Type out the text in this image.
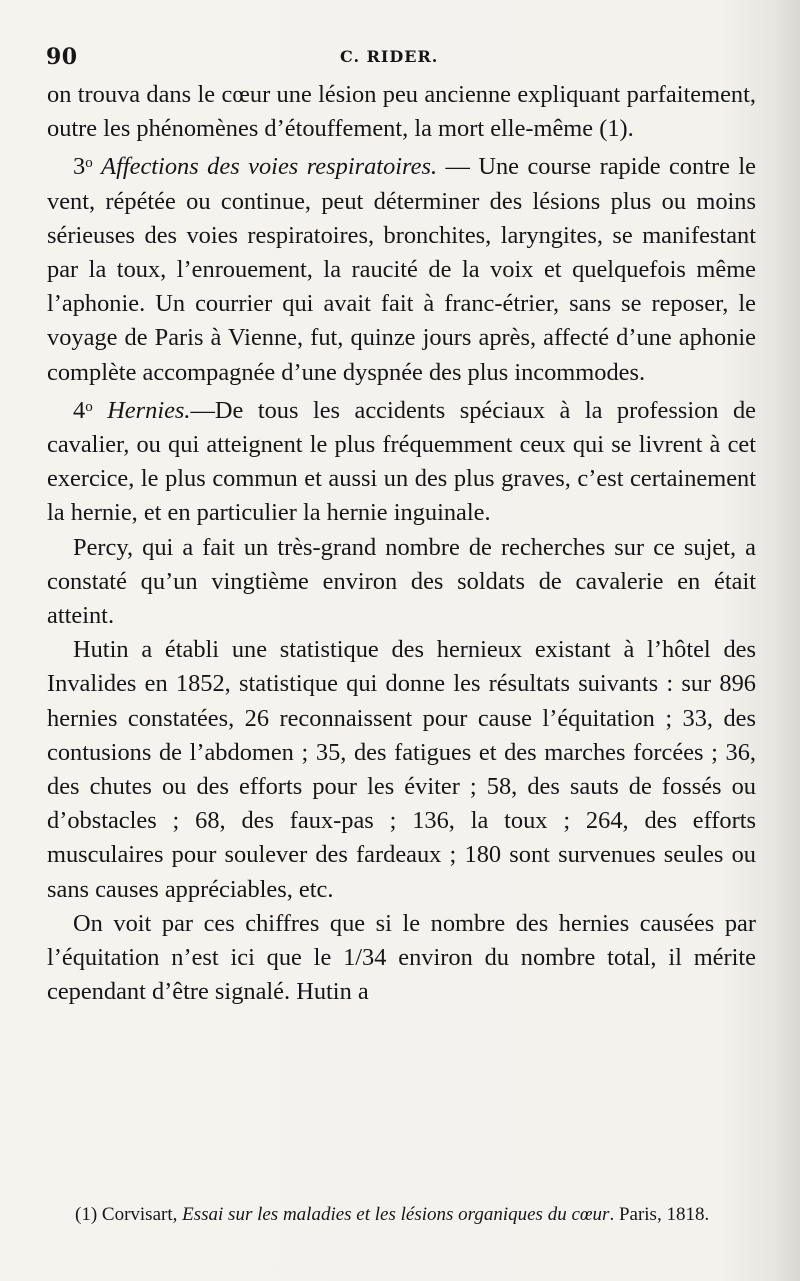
90	C. RIDER.

on trouva dans le cœur une lésion peu ancienne expliquant parfaitement, outre les phénomènes d’étouffement, la mort elle-même (1).

3$^o$ Affections des voies respiratoires. — Une course rapide contre le vent, répétée ou continue, peut déterminer des lésions plus ou moins sérieuses des voies respiratoires, bronchites, laryngites, se manifestant par la toux, l’enrouement, la raucité de la voix et quelquefois même l’aphonie. Un courrier qui avait fait à franc-étrier, sans se reposer, le voyage de Paris à Vienne, fut, quinze jours après, affecté d’une aphonie complète accompagnée d’une dyspnée des plus incommodes.

4$^o$ Hernies.—De tous les accidents spéciaux à la profession de cavalier, ou qui atteignent le plus fréquemment ceux qui se livrent à cet exercice, le plus commun et aussi un des plus graves, c’est certainement la hernie, et en particulier la hernie inguinale.

Percy, qui a fait un très-grand nombre de recherches sur ce sujet, a constaté qu’un vingtième environ des soldats de cavalerie en était atteint.

Hutin a établi une statistique des hernieux existant à l’hôtel des Invalides en 1852, statistique qui donne les résultats suivants : sur 896 hernies constatées, 26 reconnaissent pour cause l’équitation ; 33, des contusions de l’abdomen ; 35, des fatigues et des marches forcées ; 36, des chutes ou des efforts pour les éviter ; 58, des sauts de fossés ou d’obstacles ; 68, des faux-pas ; 136, la toux ; 264, des efforts musculaires pour soulever des fardeaux ; 180 sont survenues seules ou sans causes appréciables, etc.

On voit par ces chiffres que si le nombre des hernies causées par l’équitation n’est ici que le 1/34 environ du nombre total, il mérite cependant d’être signalé. Hutin a

(1) Corvisart, Essai sur les maladies et les lésions organiques du cœur. Paris, 1818.
